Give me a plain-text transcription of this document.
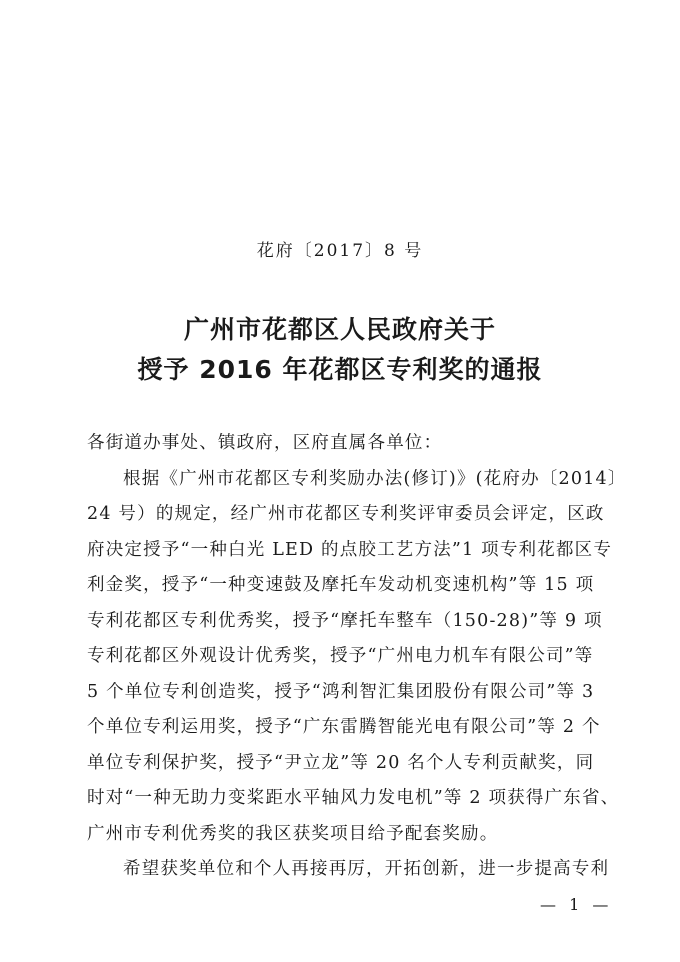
花府〔2017〕8 号
广州市花都区人民政府关于
授予 2016 年花都区专利奖的通报
各街道办事处、镇政府，区府直属各单位：
根据《广州市花都区专利奖励办法(修订)》(花府办〔2014〕
24 号）的规定，经广州市花都区专利奖评审委员会评定，区政
府决定授予“一种白光 LED 的点胶工艺方法”1 项专利花都区专
利金奖，授予“一种变速鼓及摩托车发动机变速机构”等 15 项
专利花都区专利优秀奖，授予“摩托车整车（150-28)”等 9 项
专利花都区外观设计优秀奖，授予“广州电力机车有限公司”等
5 个单位专利创造奖，授予“鸿利智汇集团股份有限公司”等 3
个单位专利运用奖，授予“广东雷腾智能光电有限公司”等 2 个
单位专利保护奖，授予“尹立龙”等 20 名个人专利贡献奖，同
时对“一种无助力变桨距水平轴风力发电机”等 2 项获得广东省、
广州市专利优秀奖的我区获奖项目给予配套奖励。
希望获奖单位和个人再接再厉，开拓创新，进一步提高专利
— 1 —
